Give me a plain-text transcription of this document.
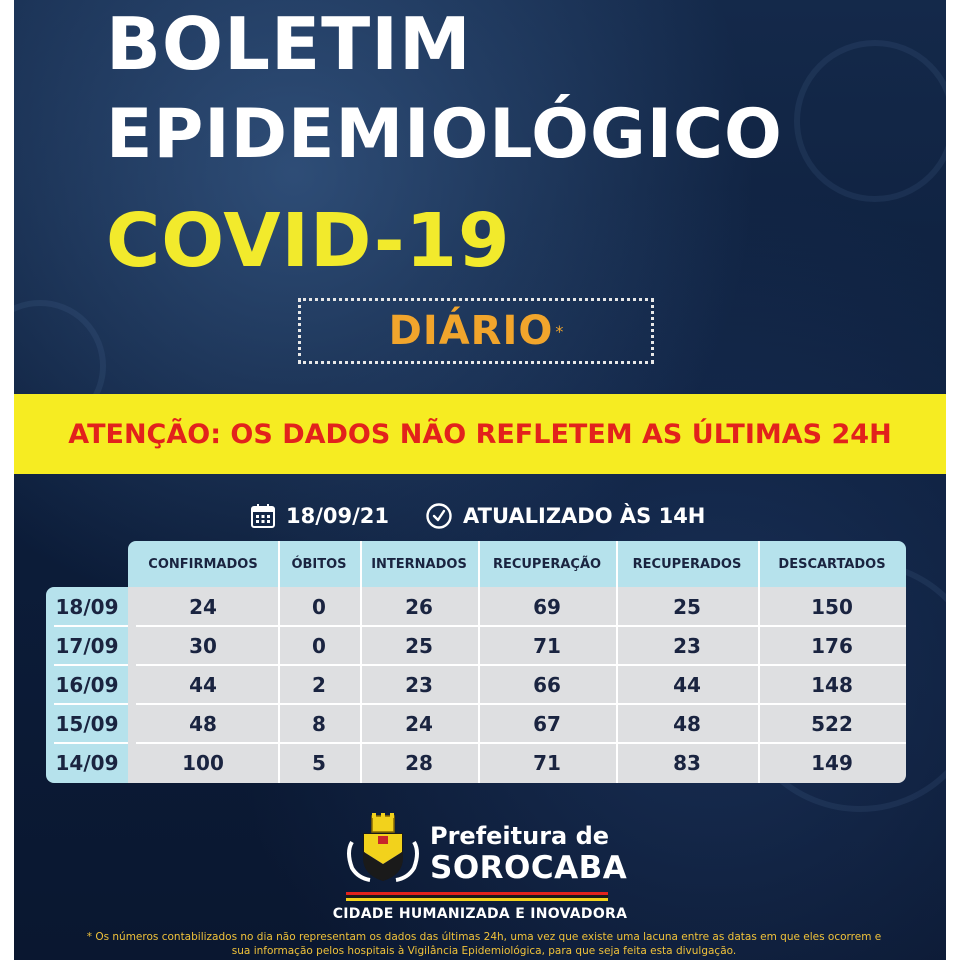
BOLETIM
EPIDEMIOLÓGICO
COVID-19
DIÁRIO *
ATENÇÃO: OS DADOS NÃO REFLETEM AS ÚLTIMAS 24H
18/09/21	ATUALIZADO ÀS 14H
CONFIRMADOS	ÓBITOS	INTERNADOS	RECUPERAÇÃO	RECUPERADOS	DESCARTADOS
18/09	24	0	26	69	25	150
17/09	30	0	25	71	23	176
16/09	44	2	23	66	44	148
15/09	48	8	24	67	48	522
14/09	100	5	28	71	83	149
Prefeitura de
SOROCABA
CIDADE HUMANIZADA E INOVADORA
* Os números contabilizados no dia não representam os dados das últimas 24h, uma vez que existe uma lacuna entre as datas em que eles ocorrem e sua informação pelos hospitais à Vigilância Epidemiológica, para que seja feita esta divulgação.
